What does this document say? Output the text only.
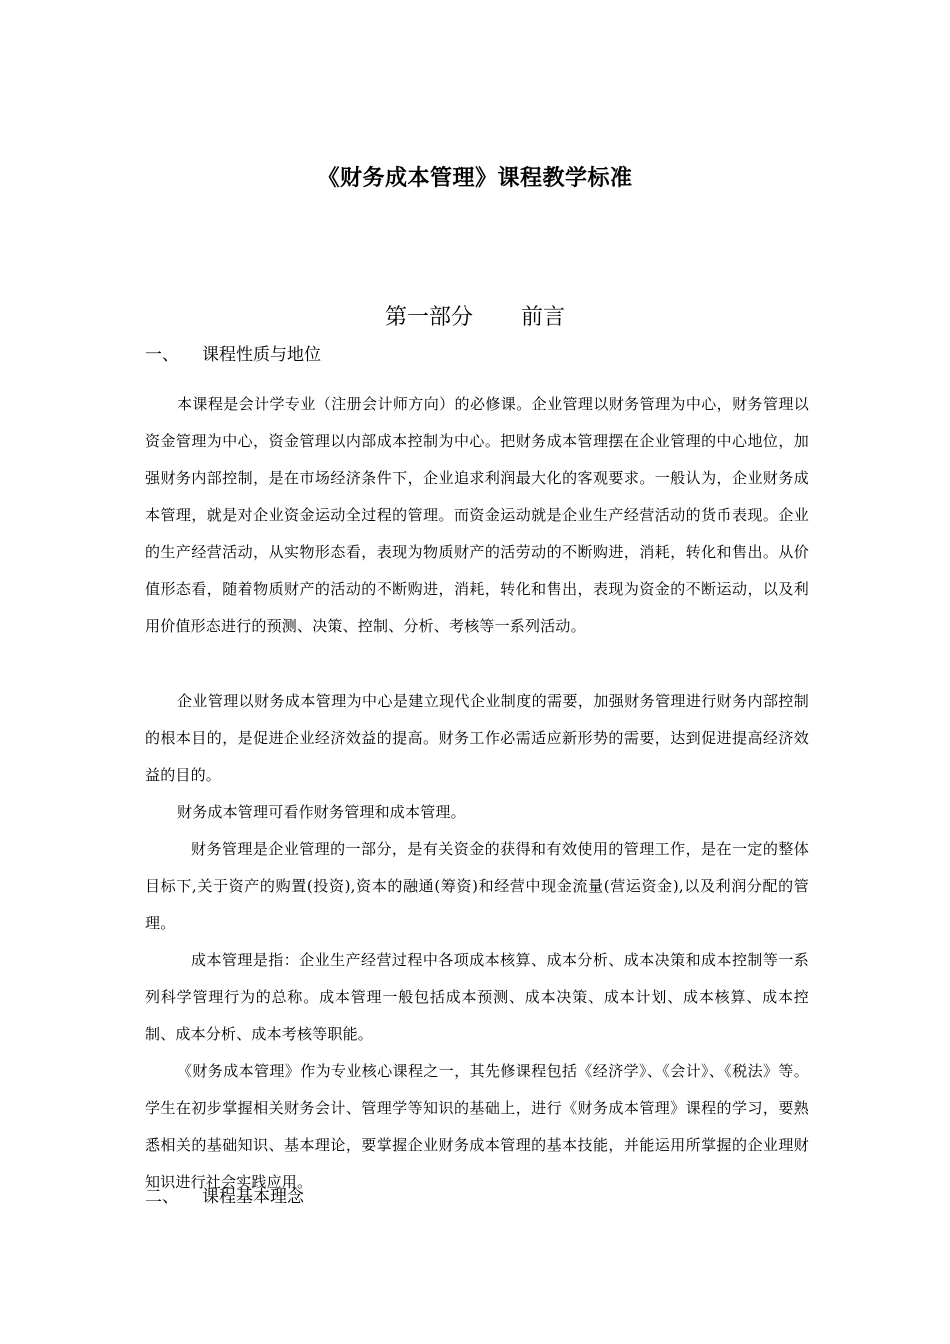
《财务成本管理》课程教学标准
第一部分 前言
一、 课程性质与地位

本课程是会计学专业（注册会计师方向）的必修课。企业管理以财务管理为中心，财务管理以资金管理为中心，资金管理以内部成本控制为中心。把财务成本管理摆在企业管理的中心地位，加强财务内部控制，是在市场经济条件下，企业追求利润最大化的客观要求。一般认为，企业财务成本管理，就是对企业资金运动全过程的管理。而资金运动就是企业生产经营活动的货币表现。企业的生产经营活动，从实物形态看，表现为物质财产的活劳动的不断购进，消耗，转化和售出。从价值形态看，随着物质财产的活动的不断购进，消耗，转化和售出，表现为资金的不断运动，以及利用价值形态进行的预测、决策、控制、分析、考核等一系列活动。

企业管理以财务成本管理为中心是建立现代企业制度的需要，加强财务管理进行财务内部控制的根本目的，是促进企业经济效益的提高。财务工作必需适应新形势的需要，达到促进提高经济效益的目的。

财务成本管理可看作财务管理和成本管理。

财务管理是企业管理的一部分，是有关资金的获得和有效使用的管理工作，是在一定的整体目标下,关于资产的购置(投资),资本的融通(筹资)和经营中现金流量(营运资金),以及利润分配的管理。

成本管理是指：企业生产经营过程中各项成本核算、成本分析、成本决策和成本控制等一系列科学管理行为的总称。成本管理一般包括成本预测、成本决策、成本计划、成本核算、成本控制、成本分析、成本考核等职能。

《财务成本管理》作为专业核心课程之一，其先修课程包括《经济学》、《会计》、《税法》等。学生在初步掌握相关财务会计、管理学等知识的基础上，进行《财务成本管理》课程的学习，要熟悉相关的基础知识、基本理论，要掌握企业财务成本管理的基本技能，并能运用所掌握的企业理财知识进行社会实践应用。

二、 课程基本理念
